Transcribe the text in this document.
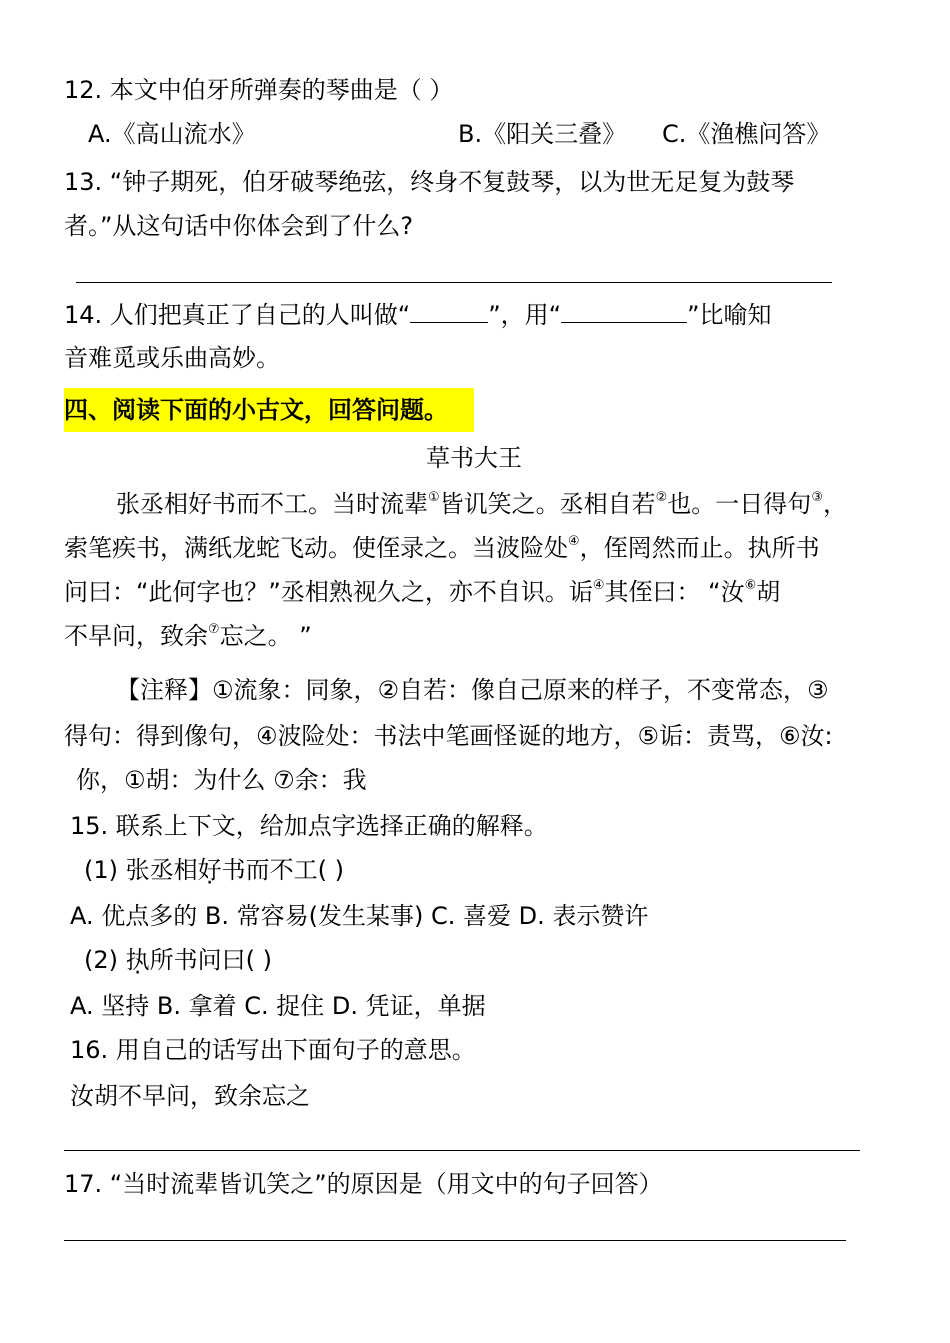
12. 本文中伯牙所弹奏的琴曲是（ ）
A.《高山流水》	B.《阳关三叠》 C.《渔樵问答》
13. “钟子期死，伯牙破琴绝弦，终身不复鼓琴，以为世无足复为鼓琴
者。”从这句话中你体会到了什么?
14. 人们把真正了自己的人叫做“	”，用“	”比喻知
音难觅或乐曲高妙。
四、阅读下面的小古文，回答问题。
草书大王
张丞相好书而不工。当时流辈①皆讥笑之。丞相自若②也。一日得句③，
索笔疾书，满纸龙蛇飞动。使侄录之。当波险处④，侄罔然而止。执所书
问曰：“此何字也？”丞相熟视久之，亦不自识。诟④其侄曰： “汝⑥胡
不早问，致余⑦忘之。 ”
【注释】①流象：同象，②自若：像自己原来的样子，不变常态，③
得句：得到像句，④波险处：书法中笔画怪诞的地方，⑤诟：责骂，⑥汝:
你，①胡：为什么 ⑦余：我
15. 联系上下文，给加点字选择正确的解释。
(1) 张丞相好书而不工( )
A. 优点多的 B. 常容易(发生某事) C. 喜爱 D. 表示赞许
(2) 执所书问曰( )
A. 坚持 B. 拿着 C. 捉住 D. 凭证，单据
16. 用自己的话写出下面句子的意思。
汝胡不早问，致余忘之
17. “当时流辈皆讥笑之”的原因是（用文中的句子回答）
